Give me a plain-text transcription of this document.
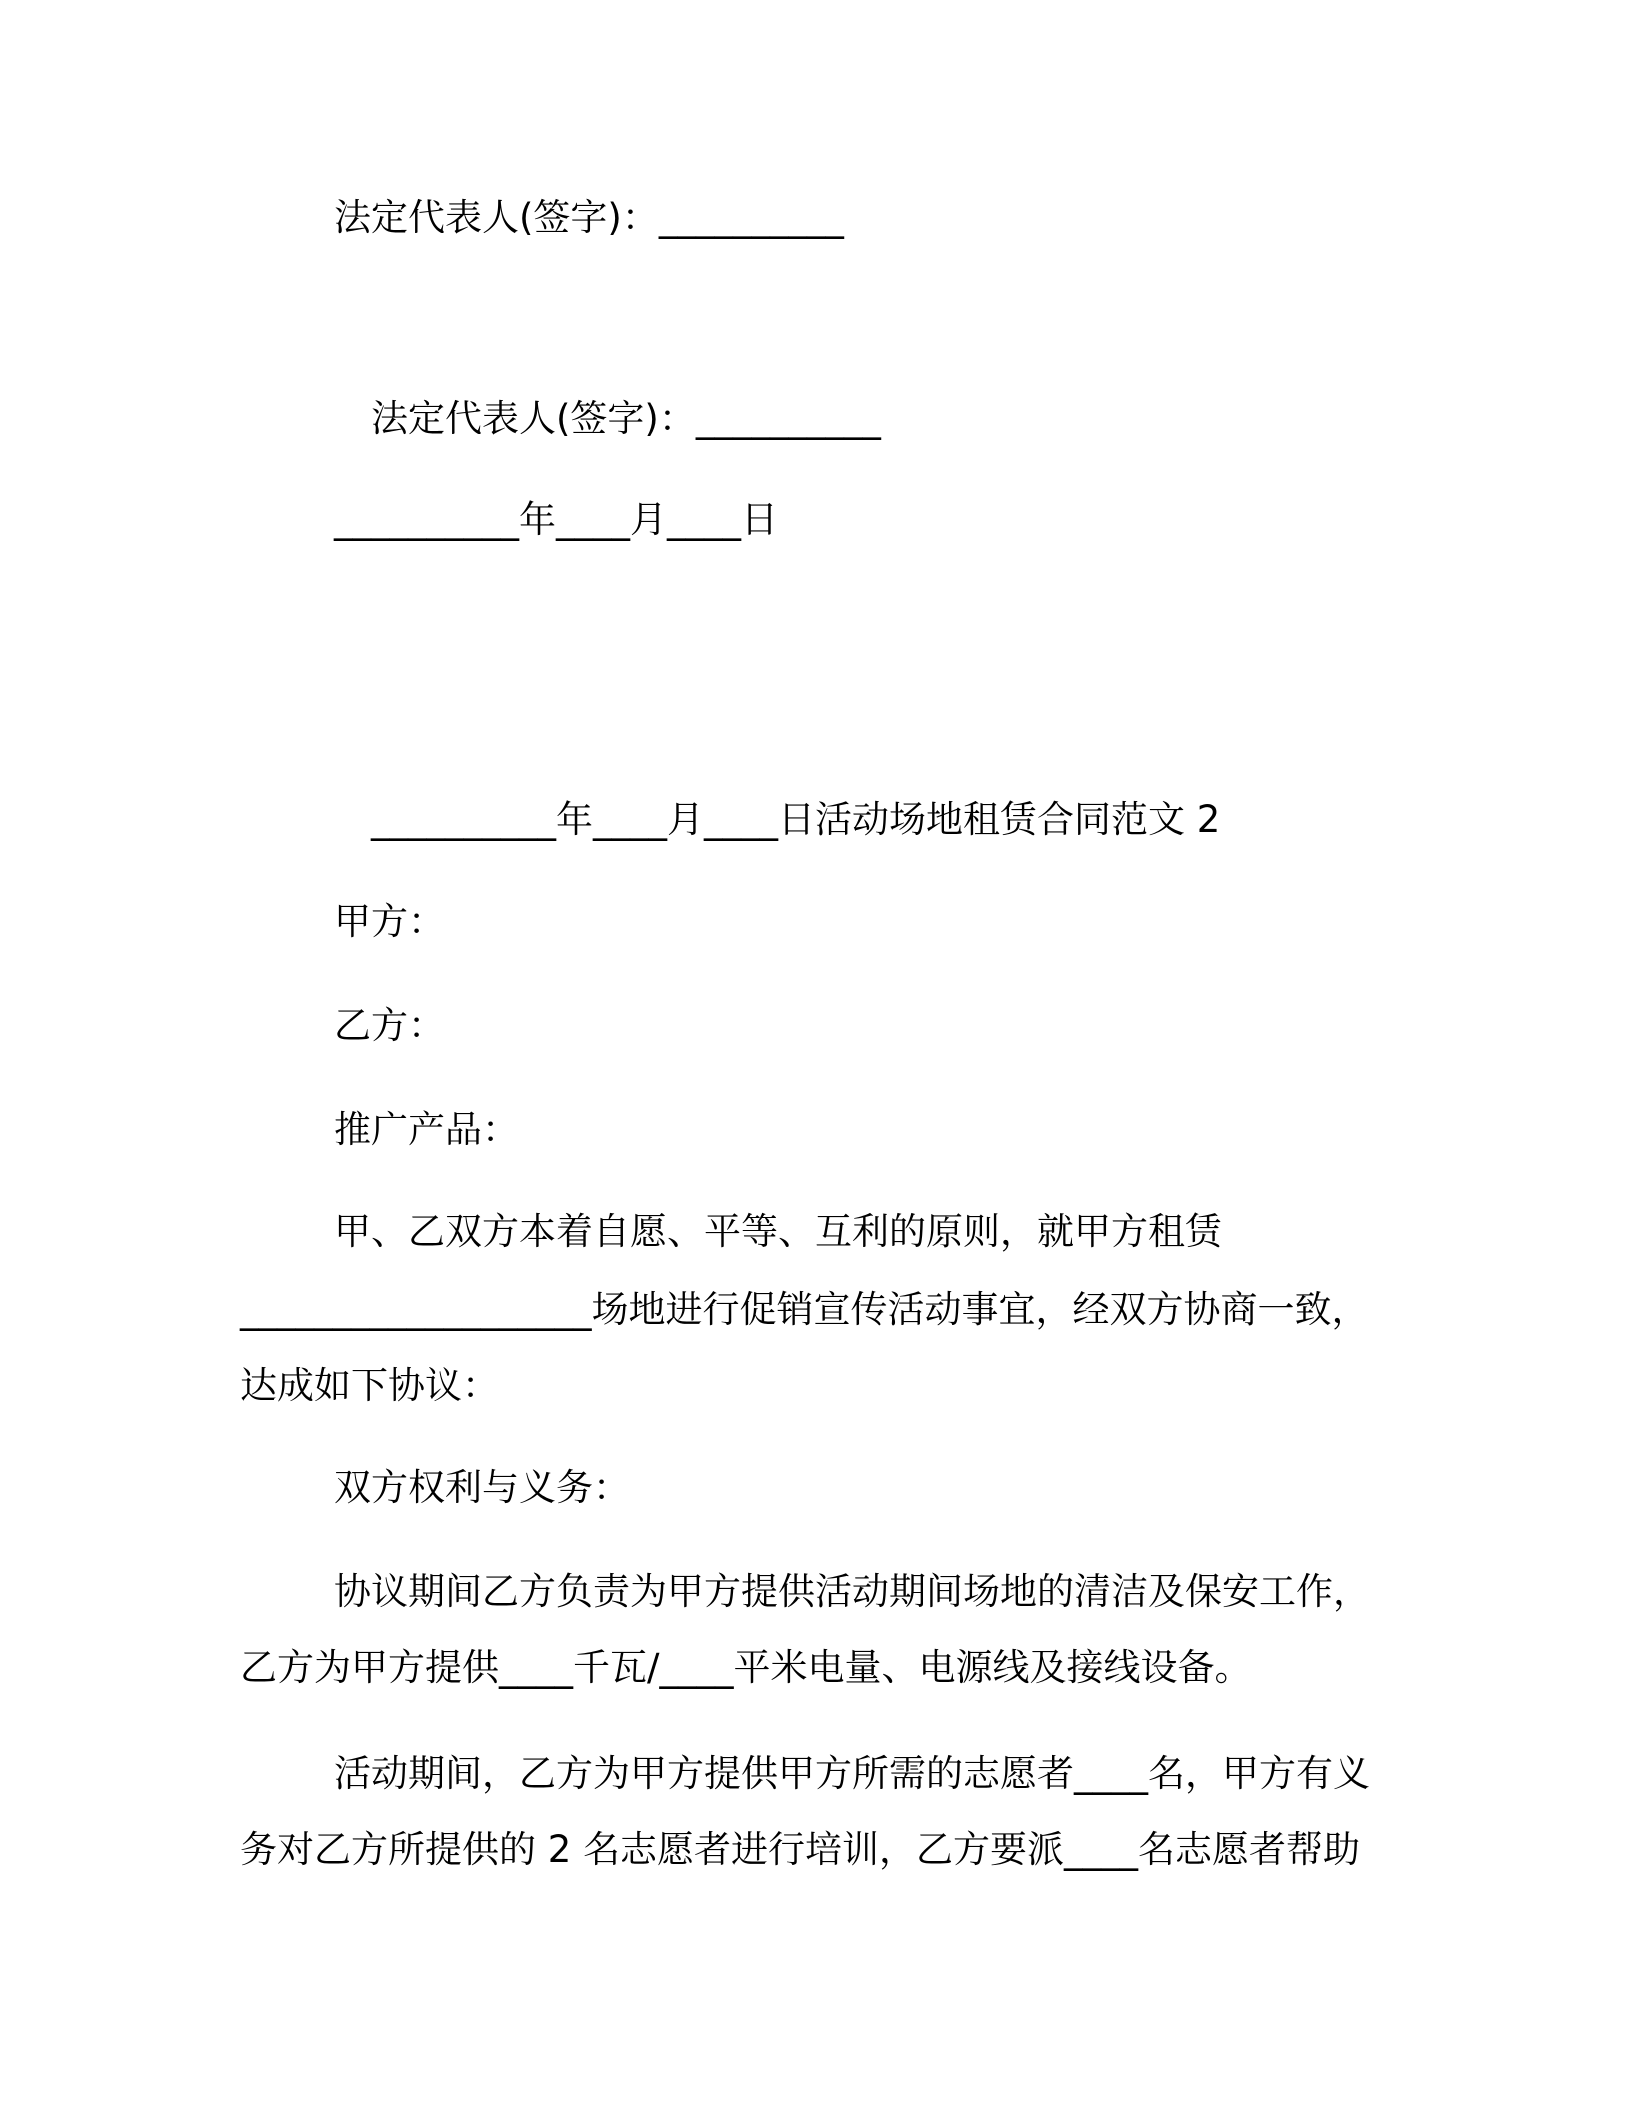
法定代表人(签字)：__________
法定代表人(签字)：__________
__________年____月____日
__________年____月____日活动场地租赁合同范文 2
甲方：
乙方：
推广产品：
甲、乙双方本着自愿、平等、互利的原则，就甲方租赁
___________________场地进行促销宣传活动事宜，经双方协商一致，
达成如下协议：
双方权利与义务：
协议期间乙方负责为甲方提供活动期间场地的清洁及保安工作，
乙方为甲方提供____千瓦/____平米电量、电源线及接线设备。
活动期间，乙方为甲方提供甲方所需的志愿者____名，甲方有义
务对乙方所提供的 2 名志愿者进行培训，乙方要派____名志愿者帮助
